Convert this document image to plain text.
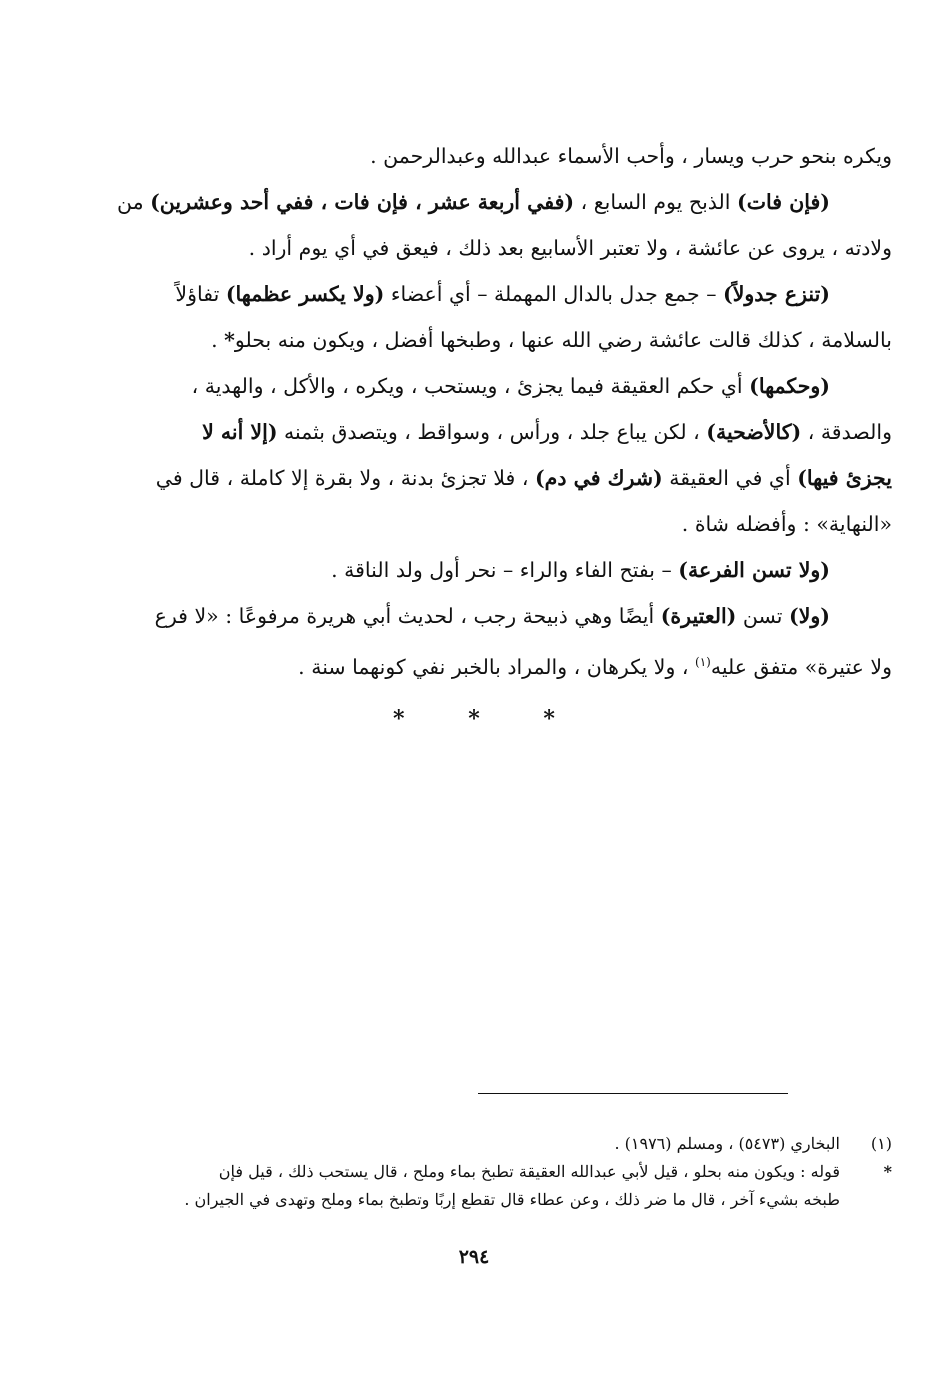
ويكره بنحو حرب ويسار ، وأحب الأسماء عبدالله وعبدالرحمن .
(فإن فات) الذبح يوم السابع ، (ففي أربعة عشر ، فإن فات ، ففي أحد وعشرين) من
ولادته ، يروى عن عائشة ، ولا تعتبر الأسابيع بعد ذلك ، فيعق في أي يوم أراد .
(تنزع جدولاً) – جمع جدل بالدال المهملة – أي أعضاء (ولا يكسر عظمها) تفاؤلاً
بالسلامة ، كذلك قالت عائشة رضي الله عنها ، وطبخها أفضل ، ويكون منه بحلو* .
(وحكمها) أي حكم العقيقة فيما يجزئ ، ويستحب ، ويكره ، والأكل ، والهدية ،
والصدقة ، (كالأضحية) ، لكن يباع جلد ، ورأس ، وسواقط ، ويتصدق بثمنه (إلا أنه لا
يجزئ فيها) أي في العقيقة (شرك في دم) ، فلا تجزئ بدنة ، ولا بقرة إلا كاملة ، قال في
«النهاية» : وأفضله شاة .
(ولا تسن الفرعة) – بفتح الفاء والراء – نحر أول ولد الناقة .
(ولا) تسن (العتيرة) أيضًا وهي ذبيحة رجب ، لحديث أبي هريرة مرفوعًا : «لا فرع
ولا عتيرة» متفق عليه$^{(١)}$ ، ولا يكرهان ، والمراد بالخبر نفي كونهما سنة .
* * *
(١)البخاري (٥٤٧٣) ، ومسلم (١٩٧٦) .
*قوله : ويكون منه بحلو ، قيل لأبي عبدالله العقيقة تطبخ بماء وملح ، قال يستحب ذلك ، قيل فإن
طبخه بشيء آخر ، قال ما ضر ذلك ، وعن عطاء قال تقطع إربًا وتطبخ بماء وملح وتهدى في الجيران .
٢٩٤
